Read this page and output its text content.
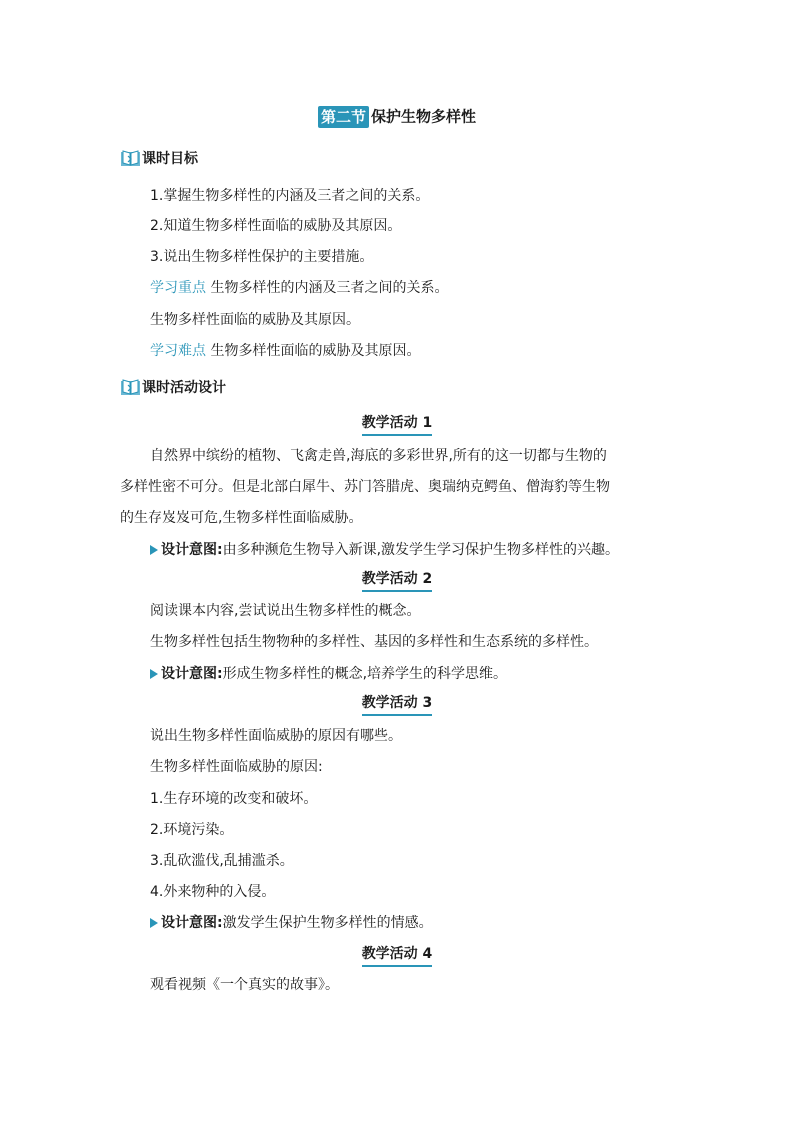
第二节 保护生物多样性
课时目标
1.掌握生物多样性的内涵及三者之间的关系。
2.知道生物多样性面临的威胁及其原因。
3.说出生物多样性保护的主要措施。
学习重点 生物多样性的内涵及三者之间的关系。
生物多样性面临的威胁及其原因。
学习难点 生物多样性面临的威胁及其原因。
课时活动设计
教学活动 1
自然界中缤纷的植物、飞禽走兽,海底的多彩世界,所有的这一切都与生物的
多样性密不可分。但是北部白犀牛、苏门答腊虎、奥瑞纳克鳄鱼、僧海豹等生物
的生存岌岌可危,生物多样性面临威胁。
设计意图: 由多种濒危生物导入新课,激发学生学习保护生物多样性的兴趣。
教学活动 2
阅读课本内容,尝试说出生物多样性的概念。
生物多样性包括生物物种的多样性、基因的多样性和生态系统的多样性。
设计意图: 形成生物多样性的概念,培养学生的科学思维。
教学活动 3
说出生物多样性面临威胁的原因有哪些。
生物多样性面临威胁的原因:
1.生存环境的改变和破坏。
2.环境污染。
3.乱砍滥伐,乱捕滥杀。
4.外来物种的入侵。
设计意图: 激发学生保护生物多样性的情感。
教学活动 4
观看视频《一个真实的故事》。
